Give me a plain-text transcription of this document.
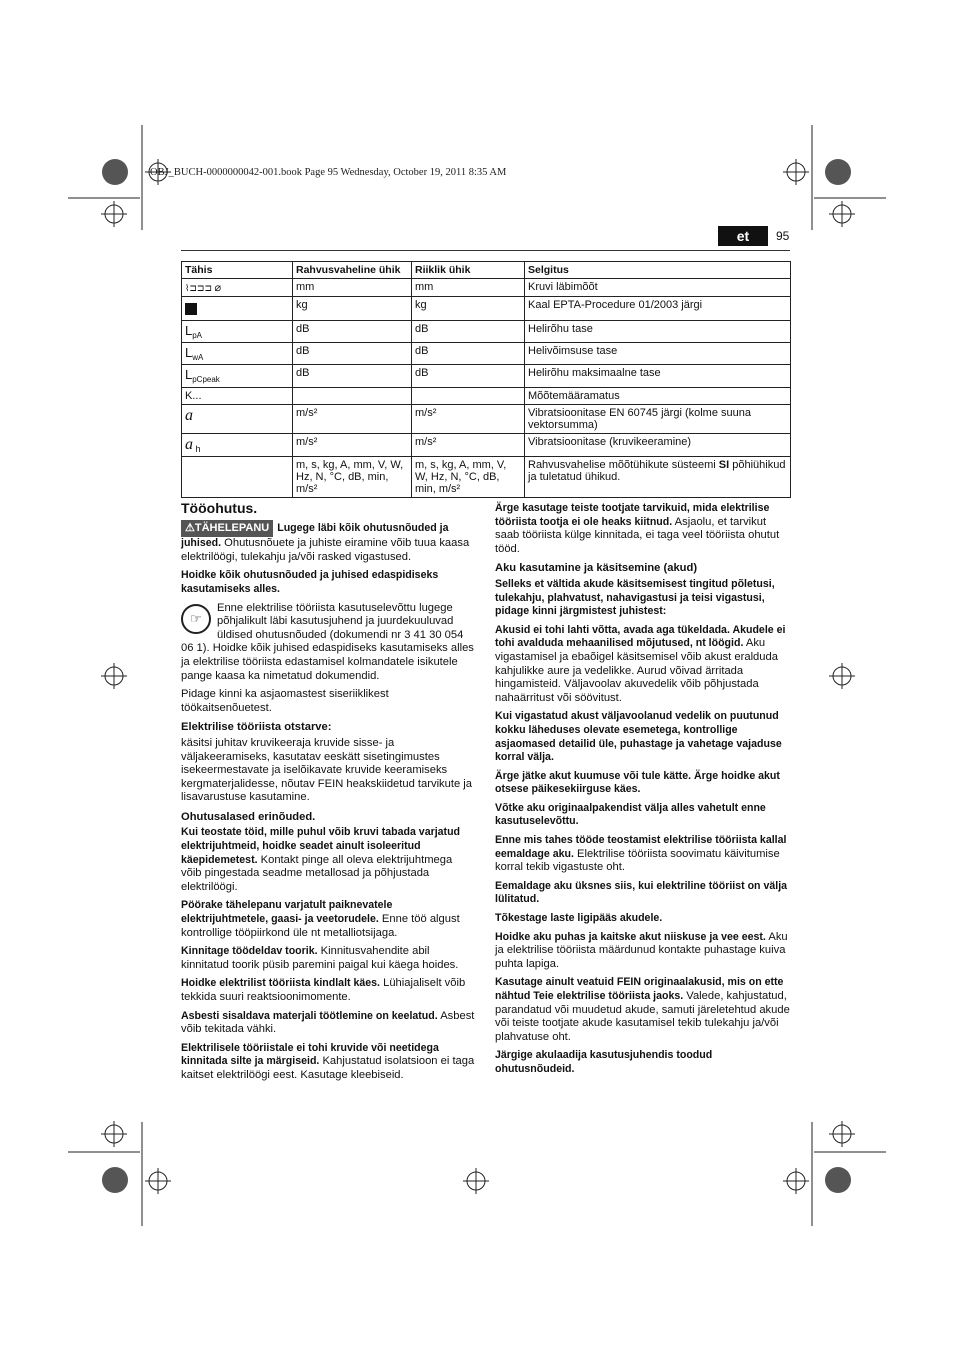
OBJ_BUCH-0000000042-001.book Page 95 Wednesday, October 19, 2011 8:35 AM
et	95
Tähis	Rahvusvaheline ühik	Riiklik ühik	Selgitus
⌇⊐⊐⊐ ⌀	mm	mm	Kruvi läbimõõt
	kg	kg	Kaal EPTA-Procedure 01/2003 järgi
$L_{pA}$	dB	dB	Helirõhu tase
$L_{wA}$	dB	dB	Helivõimsuse tase
$L_{pCpeak}$	dB	dB	Helirõhu maksimaalne tase
K...			Mõõtemääramatus
a	m/s²	m/s²	Vibratsioonitase EN 60745 järgi (kolme suuna vektorsumma)
a $_h$	m/s²	m/s²	Vibratsioonitase (kruvikeeramine)
	m, s, kg, A, mm, V, W, Hz, N, °C, dB, min, m/s²	m, s, kg, A, mm, V, W, Hz, N, °C, dB, min, m/s²	Rahvusvahelise mõõtühikute süsteemi SI põhiühikud ja tuletatud ühikud.
Tööohutus.

⚠TÄHELEPANU Lugege läbi kõik ohutusnõuded ja juhised. Ohutusnõuete ja juhiste eiramine võib tuua kaasa elektrilöögi, tulekahju ja/või rasked vigastused.

Hoidke kõik ohutusnõuded ja juhised edaspidiseks kasutamiseks alles.

☞
Enne elektrilise tööriista kasutuselevõttu lugege põhjalikult läbi kasutusjuhend ja juurdekuuluvad üldised ohutusnõuded (dokumendi nr 3 41 30 054 06 1). Hoidke kõik juhised edaspidiseks kasutamiseks alles ja elektrilise tööriista edastamisel kolmandatele isikutele pange kaasa ka nimetatud dokumendid.

Pidage kinni ka asjaomastest siseriiklikest töökaitsenõuetest.

Elektrilise tööriista otstarve:

käsitsi juhitav kruvikeeraja kruvide sisse- ja väljakeeramiseks, kasutatav eeskätt sisetingimustes isekeermestavate ja iselõikavate kruvide keeramiseks kergmaterjalidesse, nõutav FEIN heakskiidetud tarvikute ja lisavarustuse kasutamine.

Ohutusalased erinõuded.

Kui teostate töid, mille puhul võib kruvi tabada varjatud elektrijuhtmeid, hoidke seadet ainult isoleeritud käepidemetest. Kontakt pinge all oleva elektrijuhtmega võib pingestada seadme metallosad ja põhjustada elektrilöögi.

Pöörake tähelepanu varjatult paiknevatele elektrijuhtmetele, gaasi- ja veetorudele. Enne töö algust kontrollige tööpiirkond üle nt metalliotsijaga.

Kinnitage töödeldav toorik. Kinnitusvahendite abil kinnitatud toorik püsib paremini paigal kui käega hoides.

Hoidke elektrilist tööriista kindlalt käes. Lühiajaliselt võib tekkida suuri reaktsioonimomente.

Asbesti sisaldava materjali töötlemine on keelatud. Asbest võib tekitada vähki.

Elektrilisele tööriistale ei tohi kruvide või neetidega kinnitada silte ja märgiseid. Kahjustatud isolatsioon ei taga kaitset elektrilöögi eest. Kasutage kleebiseid.

Ärge kasutage teiste tootjate tarvikuid, mida elektrilise tööriista tootja ei ole heaks kiitnud. Asjaolu, et tarvikut saab tööriista külge kinnitada, ei taga veel tööriista ohutut tööd.

Aku kasutamine ja käsitsemine (akud)

Selleks et vältida akude käsitsemisest tingitud põletusi, tulekahju, plahvatust, nahavigastusi ja teisi vigastusi, pidage kinni järgmistest juhistest:

Akusid ei tohi lahti võtta, avada aga tükeldada. Akudele ei tohi avalduda mehaanilised mõjutused, nt löögid. Aku vigastamisel ja ebaõigel käsitsemisel võib akust eralduda kahjulikke aure ja vedelikke. Aurud võivad ärritada hingamisteid. Väljavoolav akuvedelik võib põhjustada nahaärritust või söövitust.

Kui vigastatud akust väljavoolanud vedelik on puutunud kokku läheduses olevate esemetega, kontrollige asjaomased detailid üle, puhastage ja vahetage vajaduse korral välja.

Ärge jätke akut kuumuse või tule kätte. Ärge hoidke akut otsese päikesekiirguse käes.

Võtke aku originaalpakendist välja alles vahetult enne kasutuselevõttu.

Enne mis tahes tööde teostamist elektrilise tööriista kallal eemaldage aku. Elektrilise tööriista soovimatu käivitumise korral tekib vigastuste oht.

Eemaldage aku üksnes siis, kui elektriline tööriist on välja lülitatud.

Tõkestage laste ligipääs akudele.

Hoidke aku puhas ja kaitske akut niiskuse ja vee eest. Aku ja elektrilise tööriista määrdunud kontakte puhastage kuiva puhta lapiga.

Kasutage ainult veatuid FEIN originaalakusid, mis on ette nähtud Teie elektrilise tööriista jaoks. Valede, kahjustatud, parandatud või muudetud akude, samuti järeletehtud akude või teiste tootjate akude kasutamisel tekib tulekahju ja/või plahvatuse oht.

Järgige akulaadija kasutusjuhendis toodud ohutusnõudeid.
